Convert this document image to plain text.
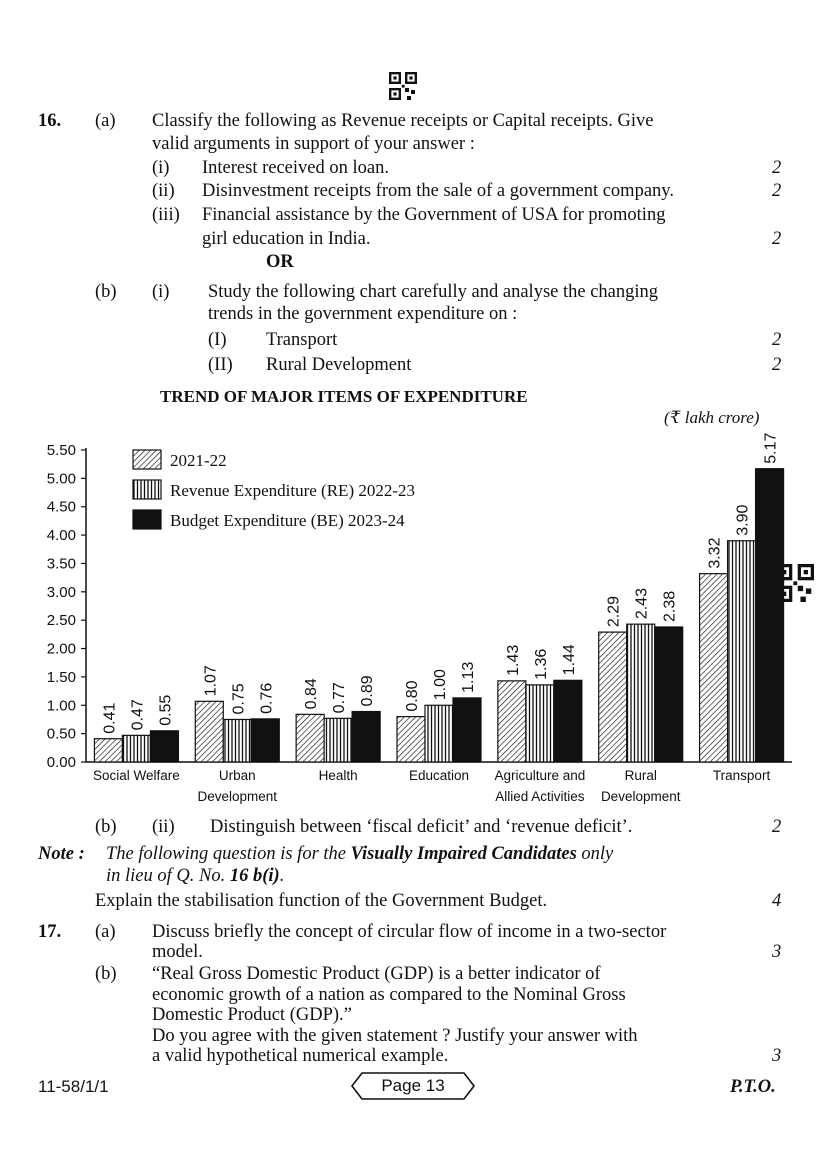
16. (a) Classify the following as Revenue receipts or Capital receipts. Give
valid arguments in support of your answer :
(i) Interest received on loan.	2
(ii) Disinvestment receipts from the sale of a government company.	2
(iii) Financial assistance by the Government of USA for promoting
girl education in India.	2
OR
(b) (i) Study the following chart carefully and analyse the changing
trends in the government expenditure on :
(I) Transport	2
(II) Rural Development	2
TREND OF MAJOR ITEMS OF EXPENDITURE
(₹ lakh crore)
0.00
0.50
1.00
1.50
2.00
2.50
3.00
3.50
4.00
4.50
5.00
5.50
Social Welfare	Urban
Development
Health	Education Agriculture and
Allied Activities
Rural
Development
Transport
0.41 0.47 0.55
1.07
0.75 0.76 0.84 0.77 0.89 0.80 1.00 1.13
1.43 1.36 1.44
2.29 2.43 2.38
3.32
3.90
5.17
2021-22
Revenue Expenditure (RE) 2022-23
Budget Expenditure (BE) 2023-24
(b) (ii) Distinguish between ‘fiscal deficit’ and ‘revenue deficit’.	2
Note : The following question is for the Visually Impaired Candidates only
in lieu of Q. No. 16 b(i).
Explain the stabilisation function of the Government Budget.	4
17. (a) Discuss briefly the concept of circular flow of income in a two-sector
model.	3
(b) “Real Gross Domestic Product (GDP) is a better indicator of
economic growth of a nation as compared to the Nominal Gross
Domestic Product (GDP).”
Do you agree with the given statement ? Justify your answer with
a valid hypothetical numerical example.	3
11-58/1/1	Page 13	P.T.O.
